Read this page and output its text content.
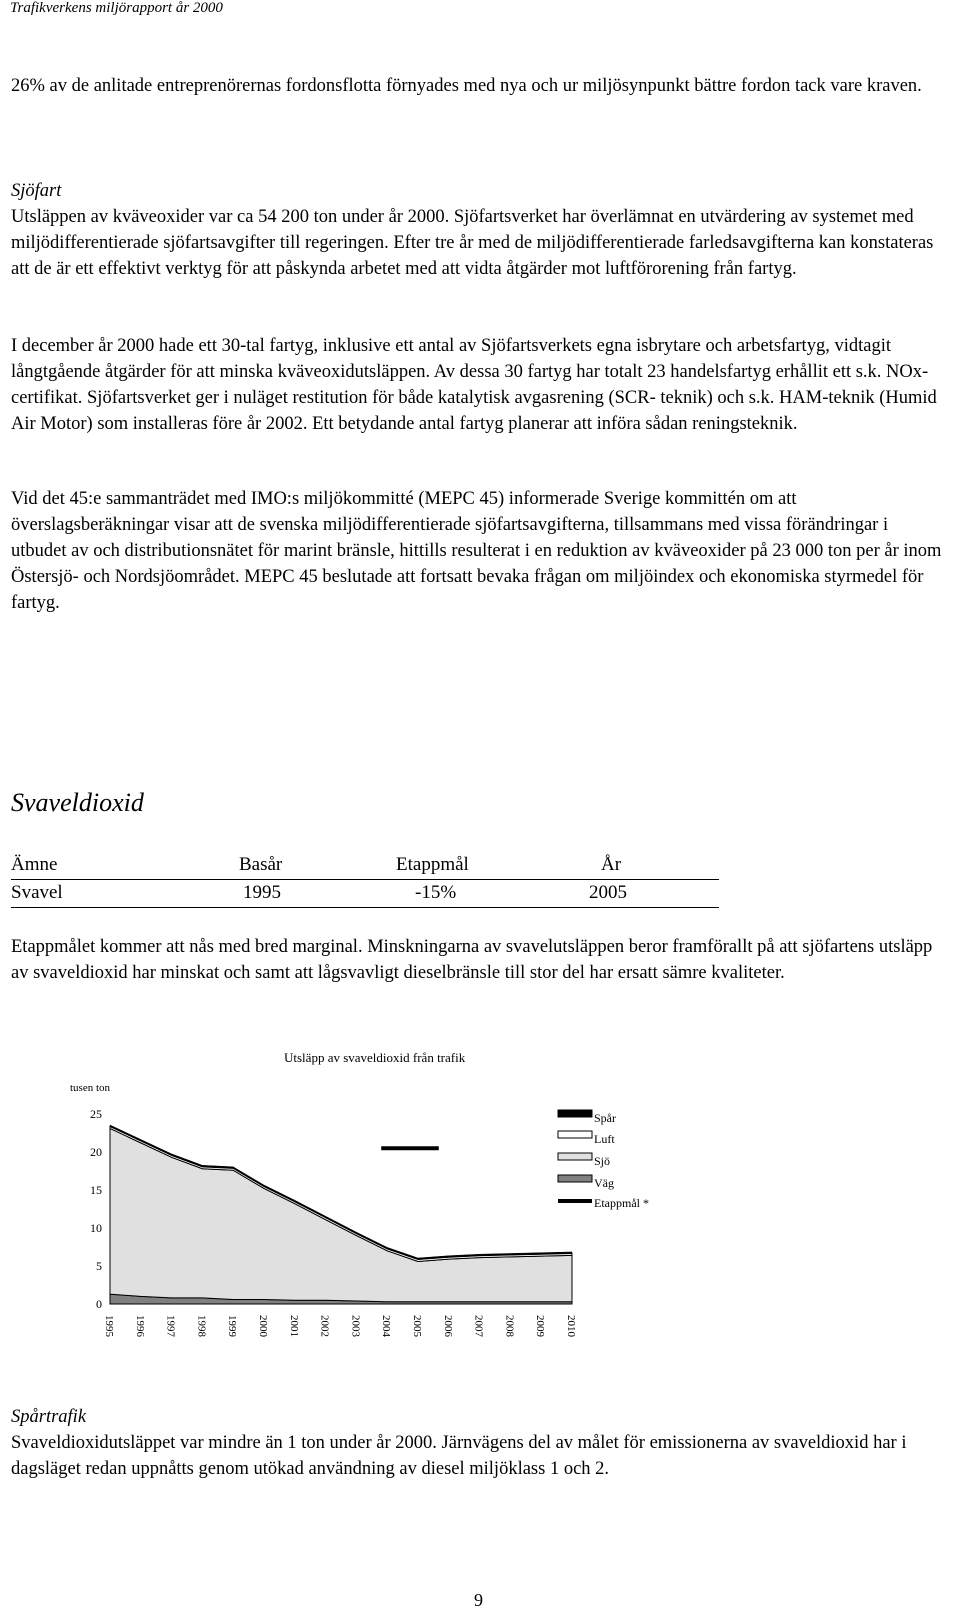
Trafikverkens miljörapport år 2000

26% av de anlitade entreprenörernas fordonsflotta förnyades med nya och ur miljösynpunkt bättre fordon tack vare kraven.

Sjöfart

Utsläppen av kväveoxider var ca 54 200 ton under år 2000. Sjöfartsverket har överlämnat en utvärdering av systemet med miljödifferentierade sjöfartsavgifter till regeringen. Efter tre år med de miljödifferentierade farledsavgifterna kan konstateras att de är ett effektivt verktyg för att påskynda arbetet med att vidta åtgärder mot luftförorening från fartyg.

I december år 2000 hade ett 30-tal fartyg, inklusive ett antal av Sjöfartsverkets egna isbrytare och arbetsfartyg, vidtagit långtgående åtgärder för att minska kväveoxidutsläppen. Av dessa 30 fartyg har totalt 23 handelsfartyg erhållit ett s.k. NOx-certifikat. Sjöfartsverket ger i nuläget restitution för både katalytisk avgasrening (SCR- teknik) och s.k. HAM-teknik (Humid Air Motor) som installeras före år 2002. Ett betydande antal fartyg planerar att införa sådan reningsteknik.

Vid det 45:e sammanträdet med IMO:s miljökommitté (MEPC 45) informerade Sverige kommittén om att överslagsberäkningar visar att de svenska miljödifferentierade sjöfartsavgifterna, tillsammans med vissa förändringar i utbudet av och distributionsnätet för marint bränsle, hittills resulterat i en reduktion av kväveoxider på 23 000 ton per år inom Östersjö- och Nordsjöområdet. MEPC 45 beslutade att fortsatt bevaka frågan om miljöindex och ekonomiska styrmedel för fartyg.

Svaveldioxid
Ämne	Basår	Etappmål	År
Svavel	1995	-15%	2005

Etappmålet kommer att nås med bred marginal. Minskningarna av svavelutsläppen beror framförallt på att sjöfartens utsläpp av svaveldioxid har minskat och samt att lågsvavligt dieselbränsle till stor del har ersatt sämre kvaliteter.

Utsläpp av svaveldioxid från trafik
tusen ton
25
20
15
10
5
0
1995 1996 1997 1998 1999 2000 2001 2002 2003 2004 2005 2006 2007 2008 2009 2010
Spår
Luft
Sjö
Väg
Etappmål *
Spårtrafik

Svaveldioxidutsläppet var mindre än 1 ton under år 2000. Järnvägens del av målet för emissionerna av svaveldioxid har i dagsläget redan uppnåtts genom utökad användning av diesel miljöklass 1 och 2.

9
